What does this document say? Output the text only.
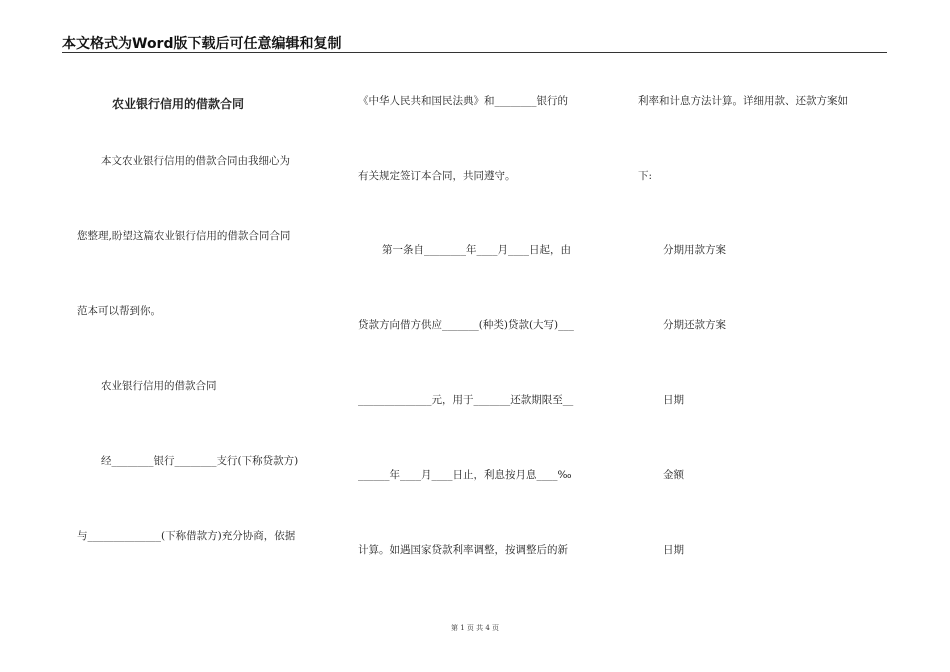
本文格式为Word版下载后可任意编辑和复制
农业银行信用的借款合同
本文农业银行信用的借款合同由我细心为
您整理,盼望这篇农业银行信用的借款合同合同
范本可以帮到你。
农业银行信用的借款合同
经________银行________支行(下称贷款方)
与______________(下称借款方)充分协商，依据
《中华人民共和国民法典》和________银行的
有关规定签订本合同，共同遵守。
第一条自________年____月____日起，由
贷款方向借方供应_______(种类)贷款(大写)___
______________元，用于_______还款期限至__
______年____月____日止，利息按月息____‰
计算。如遇国家贷款利率调整，按调整后的新
利率和计息方法计算。详细用款、还款方案如
下:
分期用款方案
分期还款方案
日期
金额
日期
第 1 页 共 4 页
